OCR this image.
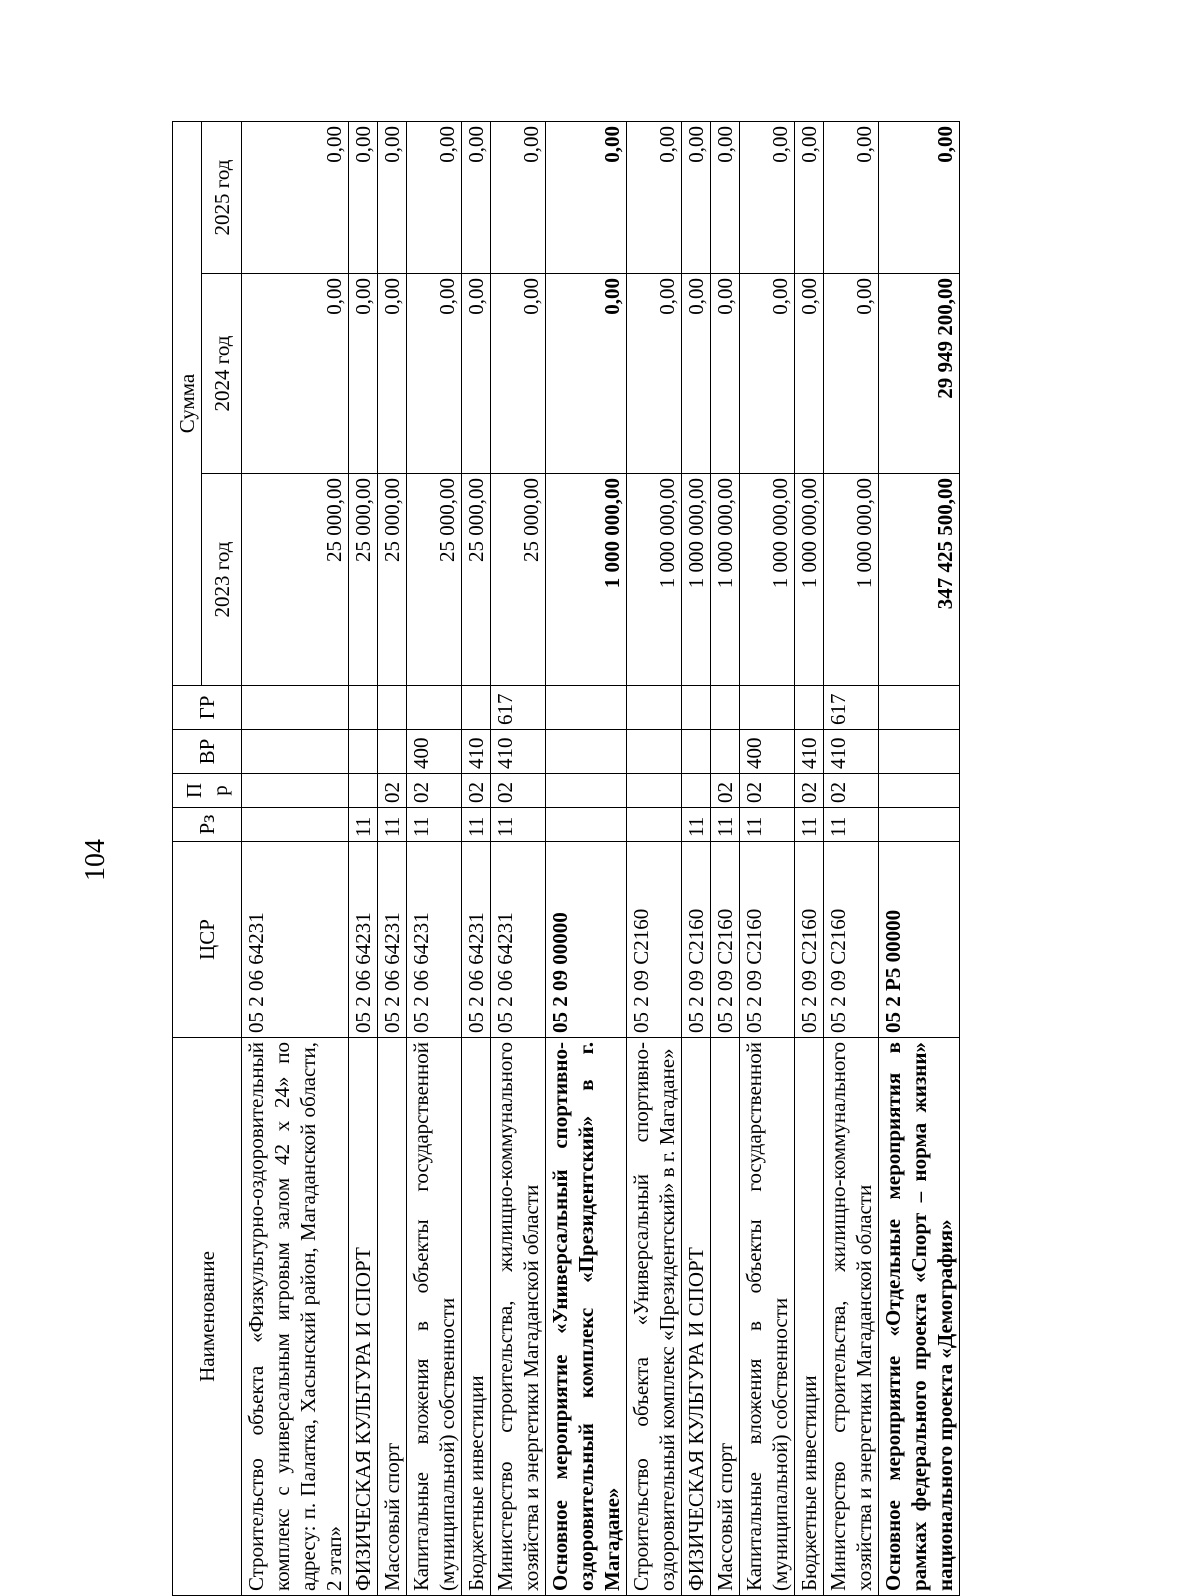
104
Наименование	ЦСР	Рз	Пр	ВР	ГР	Сумма		
						2023 год	2024 год	2025 год
Строительство объекта «Физкультурно-оздоровительный комплекс с универсальным игровым залом 42 х 24» по адресу: п. Палатка, Хасынский район, Магаданской области, 2 этап»	05 2 06 64231					25 000,00	0,00	0,00
ФИЗИЧЕСКАЯ КУЛЬТУРА И СПОРТ	05 2 06 64231	11				25 000,00	0,00	0,00
Массовый спорт	05 2 06 64231	11	02			25 000,00	0,00	0,00
Капитальные вложения в объекты государственной (муниципальной) собственности	05 2 06 64231	11	02	400		25 000,00	0,00	0,00
Бюджетные инвестиции	05 2 06 64231	11	02	410		25 000,00	0,00	0,00
Министерство строительства, жилищно-коммунального хозяйства и энергетики Магаданской области	05 2 06 64231	11	02	410	617	25 000,00	0,00	0,00
Основное мероприятие «Универсальный спортивно-оздоровительный комплекс «Президентский» в г. Магадане»	05 2 09 00000					1 000 000,00	0,00	0,00
Строительство объекта «Универсальный спортивно-оздоровительный комплекс «Президентский» в г. Магадане»	05 2 09 С2160					1 000 000,00	0,00	0,00
ФИЗИЧЕСКАЯ КУЛЬТУРА И СПОРТ	05 2 09 С2160	11				1 000 000,00	0,00	0,00
Массовый спорт	05 2 09 С2160	11	02			1 000 000,00	0,00	0,00
Капитальные вложения в объекты государственной (муниципальной) собственности	05 2 09 С2160	11	02	400		1 000 000,00	0,00	0,00
Бюджетные инвестиции	05 2 09 С2160	11	02	410		1 000 000,00	0,00	0,00
Министерство строительства, жилищно-коммунального хозяйства и энергетики Магаданской области	05 2 09 С2160	11	02	410	617	1 000 000,00	0,00	0,00
Основное мероприятие «Отдельные мероприятия в рамках федерального проекта «Спорт – норма жизни» национального проекта «Демография»	05 2 Р5 00000					347 425 500,00	29 949 200,00	0,00
